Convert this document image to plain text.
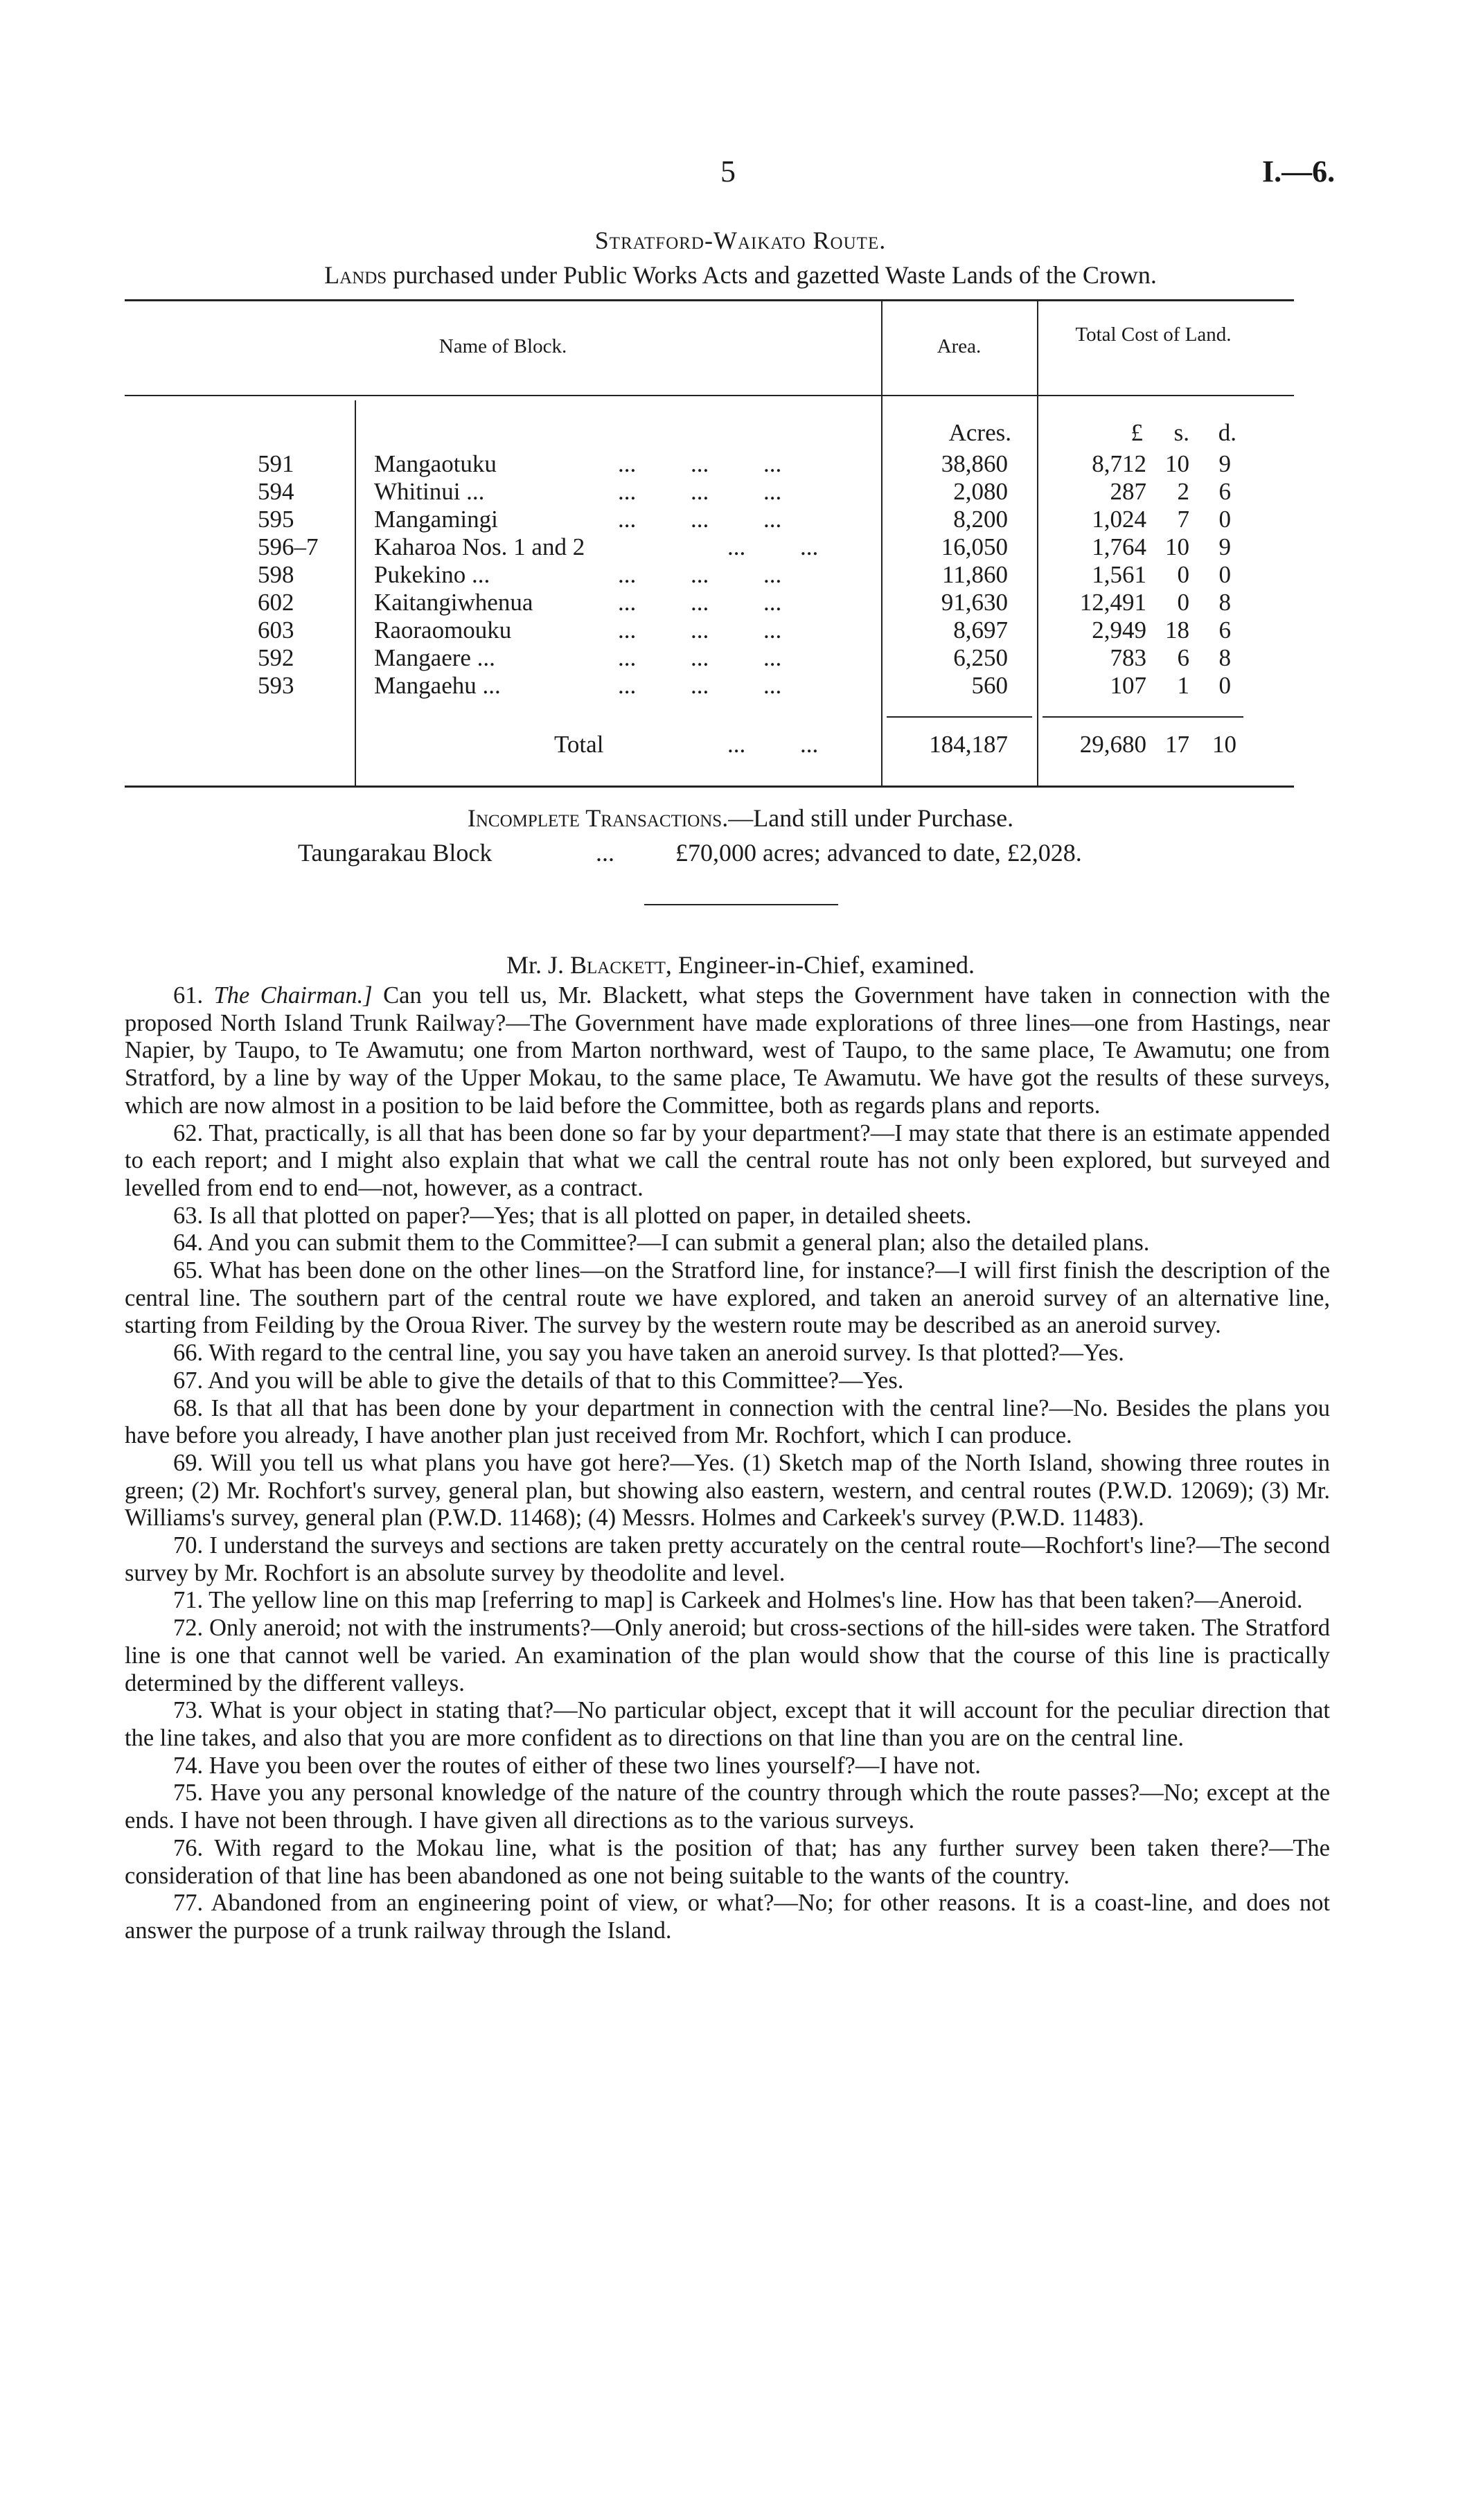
5	I.—6.
Stratford-Waikato Route.
Lands purchased under Public Works Acts and gazetted Waste Lands of the Crown.
Name of Block.	Area.
Total Cost of Land.
Acres.	£	s.	d.
591	Mangaotuku	...         ...         ...	38,860	8,712 10	9
594	Whitinui ...	...         ...         ...	2,080	287	2	6
595	Mangamingi	...         ...         ...	8,200	1,024	7	0
596–7 Kaharoa Nos. 1 and 2	...         ...	16,050	1,764 10	9
598	Pukekino ...	...         ...         ...	11,860	1,561	0	0
602	Kaitangiwhenua	...         ...         ...	91,630	12,491	0	8
603	Raoraomouku	...         ...         ...	8,697	2,949 18	6
592	Mangaere ...	...         ...         ...	6,250	783	6	8
593	Mangaehu ...	...         ...         ...	560	107	1	0
Total	...         ...	184,187	29,680 17 10
Incomplete Transactions.—Land still under Purchase.
Taungarakau Block	... £70,000 acres; advanced to date, £2,028.
Mr. J. Blackett, Engineer-in-Chief, examined.

61. The Chairman.] Can you tell us, Mr. Blackett, what steps the Government have taken in connection with the proposed North Island Trunk Railway?—The Government have made explorations of three lines—one from Hastings, near Napier, by Taupo, to Te Awamutu; one from Marton northward, west of Taupo, to the same place, Te Awamutu; one from Stratford, by a line by way of the Upper Mokau, to the same place, Te Awamutu. We have got the results of these surveys, which are now almost in a position to be laid before the Committee, both as regards plans and reports.

62. That, practically, is all that has been done so far by your department?—I may state that there is an estimate appended to each report; and I might also explain that what we call the central route has not only been explored, but surveyed and levelled from end to end—not, however, as a contract.

63. Is all that plotted on paper?—Yes; that is all plotted on paper, in detailed sheets.

64. And you can submit them to the Committee?—I can submit a general plan; also the detailed plans.

65. What has been done on the other lines—on the Stratford line, for instance?—I will first finish the description of the central line. The southern part of the central route we have explored, and taken an aneroid survey of an alternative line, starting from Feilding by the Oroua River. The survey by the western route may be described as an aneroid survey.

66. With regard to the central line, you say you have taken an aneroid survey. Is that plotted?—Yes.

67. And you will be able to give the details of that to this Committee?—Yes.

68. Is that all that has been done by your department in connection with the central line?—No. Besides the plans you have before you already, I have another plan just received from Mr. Rochfort, which I can produce.

69. Will you tell us what plans you have got here?—Yes. (1) Sketch map of the North Island, showing three routes in green; (2) Mr. Rochfort's survey, general plan, but showing also eastern, western, and central routes (P.W.D. 12069); (3) Mr. Williams's survey, general plan (P.W.D. 11468); (4) Messrs. Holmes and Carkeek's survey (P.W.D. 11483).

70. I understand the surveys and sections are taken pretty accurately on the central route—Rochfort's line?—The second survey by Mr. Rochfort is an absolute survey by theodolite and level.

71. The yellow line on this map [referring to map] is Carkeek and Holmes's line. How has that been taken?—Aneroid.

72. Only aneroid; not with the instruments?—Only aneroid; but cross-sections of the hill-sides were taken. The Stratford line is one that cannot well be varied. An examination of the plan would show that the course of this line is practically determined by the different valleys.

73. What is your object in stating that?—No particular object, except that it will account for the peculiar direction that the line takes, and also that you are more confident as to directions on that line than you are on the central line.

74. Have you been over the routes of either of these two lines yourself?—I have not.

75. Have you any personal knowledge of the nature of the country through which the route passes?—No; except at the ends. I have not been through. I have given all directions as to the various surveys.

76. With regard to the Mokau line, what is the position of that; has any further survey been taken there?—The consideration of that line has been abandoned as one not being suitable to the wants of the country.

77. Abandoned from an engineering point of view, or what?—No; for other reasons. It is a coast-line, and does not answer the purpose of a trunk railway through the Island.
